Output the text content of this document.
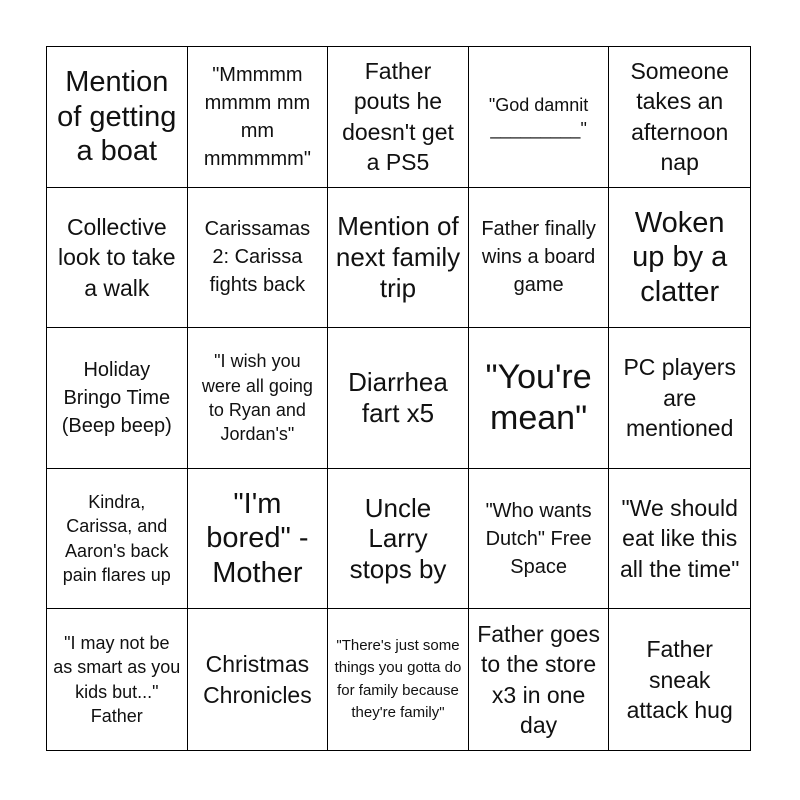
Mention of getting a boat
"Mmmmm mmmm mm mm mmmmmm"
Father pouts he doesn't get a PS5
"God damnit _________"
Someone takes an afternoon nap
Collective look to take a walk
Carissamas 2: Carissa fights back
Mention of next family trip
Father finally wins a board game
Woken up by a clatter
Holiday Bringo Time (Beep beep)
"I wish you were all going to Ryan and Jordan's"
Diarrhea fart x5
"You're mean"
PC players are mentioned
Kindra, Carissa, and Aaron's back pain flares up
"I'm bored" - Mother
Uncle Larry stops by
"Who wants Dutch" Free Space
"We should eat like this all the time"
"I may not be as smart as you kids but..." Father
Christmas Chronicles
"There's just some things you gotta do for family because they're family"
Father goes to the store x3 in one day
Father sneak attack hug
